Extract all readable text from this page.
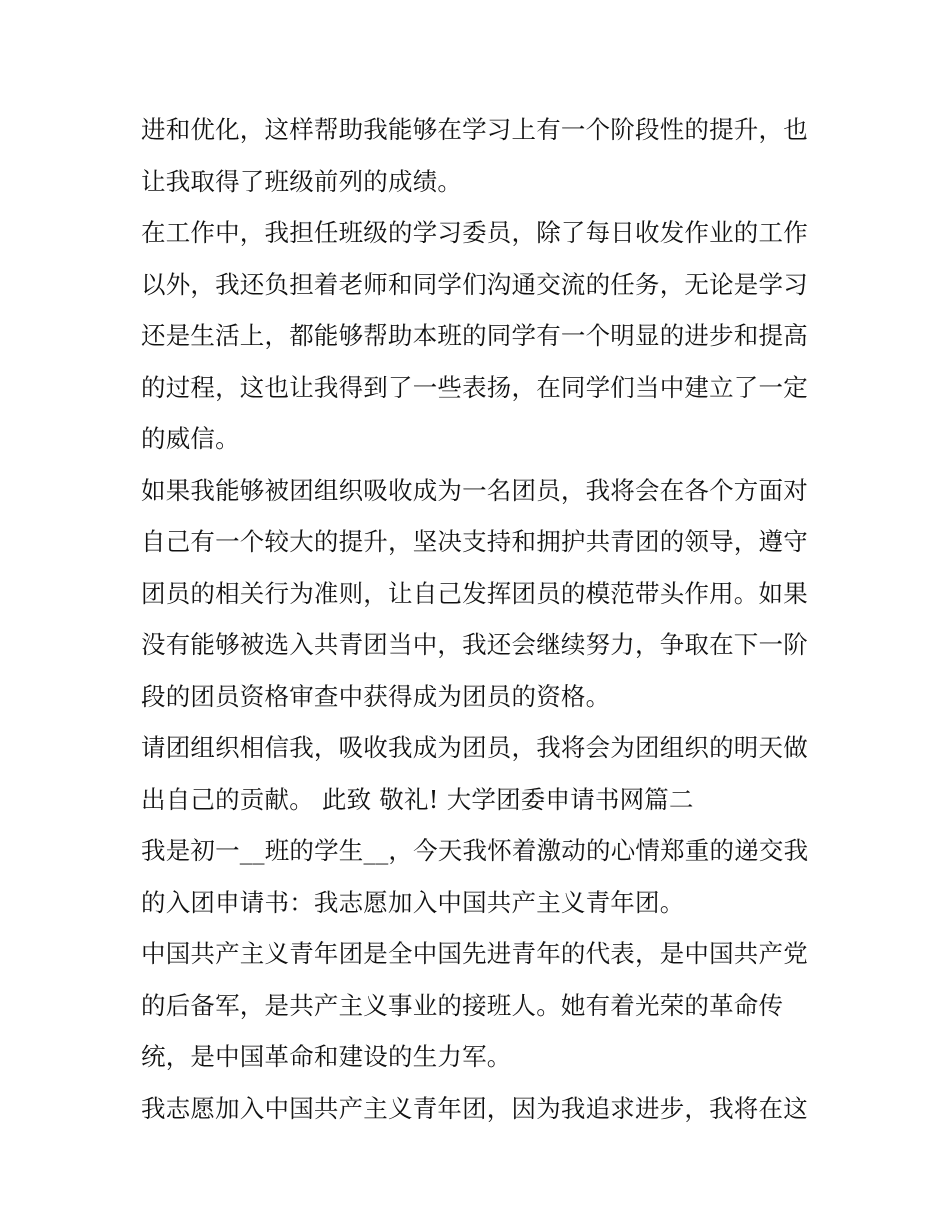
进和优化，这样帮助我能够在学习上有一个阶段性的提升，也
让我取得了班级前列的成绩。
在工作中，我担任班级的学习委员，除了每日收发作业的工作
以外，我还负担着老师和同学们沟通交流的任务，无论是学习
还是生活上，都能够帮助本班的同学有一个明显的进步和提高
的过程，这也让我得到了一些表扬，在同学们当中建立了一定
的威信。
如果我能够被团组织吸收成为一名团员，我将会在各个方面对
自己有一个较大的提升，坚决支持和拥护共青团的领导，遵守
团员的相关行为准则，让自己发挥团员的模范带头作用。如果
没有能够被选入共青团当中，我还会继续努力，争取在下一阶
段的团员资格审查中获得成为团员的资格。
请团组织相信我，吸收我成为团员，我将会为团组织的明天做
出自己的贡献。 此致 敬礼! 大学团委申请书网篇二
我是初一__班的学生__，今天我怀着激动的心情郑重的递交我
的入团申请书：我志愿加入中国共产主义青年团。
中国共产主义青年团是全中国先进青年的代表，是中国共产党
的后备军，是共产主义事业的接班人。她有着光荣的革命传
统，是中国革命和建设的生力军。
我志愿加入中国共产主义青年团，因为我追求进步，我将在这
